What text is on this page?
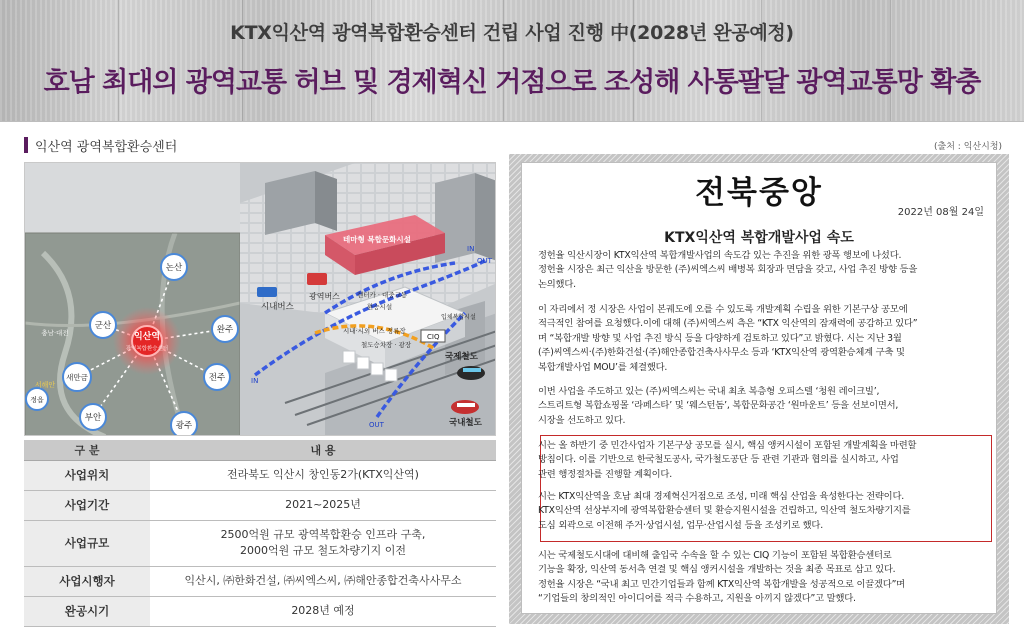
KTX익산역 광역복합환승센터 건립 사업 진행 中(2028년 완공예정)
호남 최대의 광역교통 허브 및 경제혁신 거점으로 조성해 사통팔달 광역교통망 확충
익산역 광역복합환승센터	(출처 : 익산시청)
논산
군산	완주
새만금	전주
부안
광주
정읍
익산역
광역복합환승센터
충남·대전
서해안
테마형 복합문화시설
시내버스
광역버스	렌터카 · 대중교통
환승시설
시내·시외 버스 정류장
철도승차장 · 광장
CIQ
입체복합시설
국제철도
국내철도
IN
OUT
IN
OUT
구 분	내 용
사업위치	전라북도 익산시 창인동2가(KTX익산역)

사업기간	2021~2025년

사업규모	2500억원 규모 광역복합환승 인프라 구축,
2000억원 규모 철도차량기지 이전

사업시행자	익산시, ㈜한화건설, ㈜씨엑스씨, ㈜해안종합건축사사무소

완공시기	2028년 예정
전북중앙
2022년 08월 24일
KTX익산역 복합개발사업 속도
정헌율 익산시장이 KTX익산역 복합개발사업의 속도감 있는 추진을 위한 광폭 행보에 나섰다.
정헌율 시장은 최근 익산을 방문한 (주)씨엑스씨 배병복 회장과 면담을 갖고, 사업 추진 방향 등을
논의했다.
이 자리에서 정 시장은 사업이 본궤도에 오를 수 있도록 개발계획 수립을 위한 기본구상 공모에
적극적인 참여를 요청했다.이에 대해 (주)씨엑스씨 측은 “KTX 익산역의 잠재력에 공감하고 있다”
며 “복합개발 방향 및 사업 추진 방식 등을 다양하게 검토하고 있다”고 밝혔다. 시는 지난 3월
(주)씨엑스씨·(주)한화건설·(주)해안종합건축사사무소 등과 ‘KTX익산역 광역환승체계 구축 및
복합개발사업 MOU’를 체결했다.
이번 사업을 주도하고 있는 (주)씨엑스씨는 국내 최초 복층형 오피스텔 ‘청원 레이크빌’,
스트리트형 복합쇼핑몰 ‘라페스타’ 및 ‘웨스턴돔’, 복합문화공간 ‘원마운트’ 등을 선보이면서,
시장을 선도하고 있다.
시는 올 하반기 중 민간사업자 기본구상 공모를 실시, 핵심 앵커시설이 포함된 개발계획을 마련할
방침이다. 이를 기반으로 한국철도공사, 국가철도공단 등 관련 기관과 협의를 실시하고, 사업
관련 행정절차를 진행할 계획이다.
시는 KTX익산역을 호남 최대 경제혁신거점으로 조성, 미래 핵심 산업을 육성한다는 전략이다.
KTX익산역 선상부지에 광역복합환승센터 및 환승지원시설을 건립하고, 익산역 철도차량기지를
도심 외곽으로 이전해 주거·상업시설, 업무·산업시설 등을 조성키로 했다.
시는 국제철도시대에 대비해 출입국 수속을 할 수 있는 CIQ 기능이 포함된 복합환승센터로
기능을 확장, 익산역 동서측 연결 및 핵심 앵커시설을 개발하는 것을 최종 목표로 삼고 있다.
정헌율 시장은 “국내 최고 민간기업들과 함께 KTX익산역 복합개발을 성공적으로 이끌겠다”며
“기업들의 창의적인 아이디어를 적극 수용하고, 지원을 아끼지 않겠다”고 말했다.
